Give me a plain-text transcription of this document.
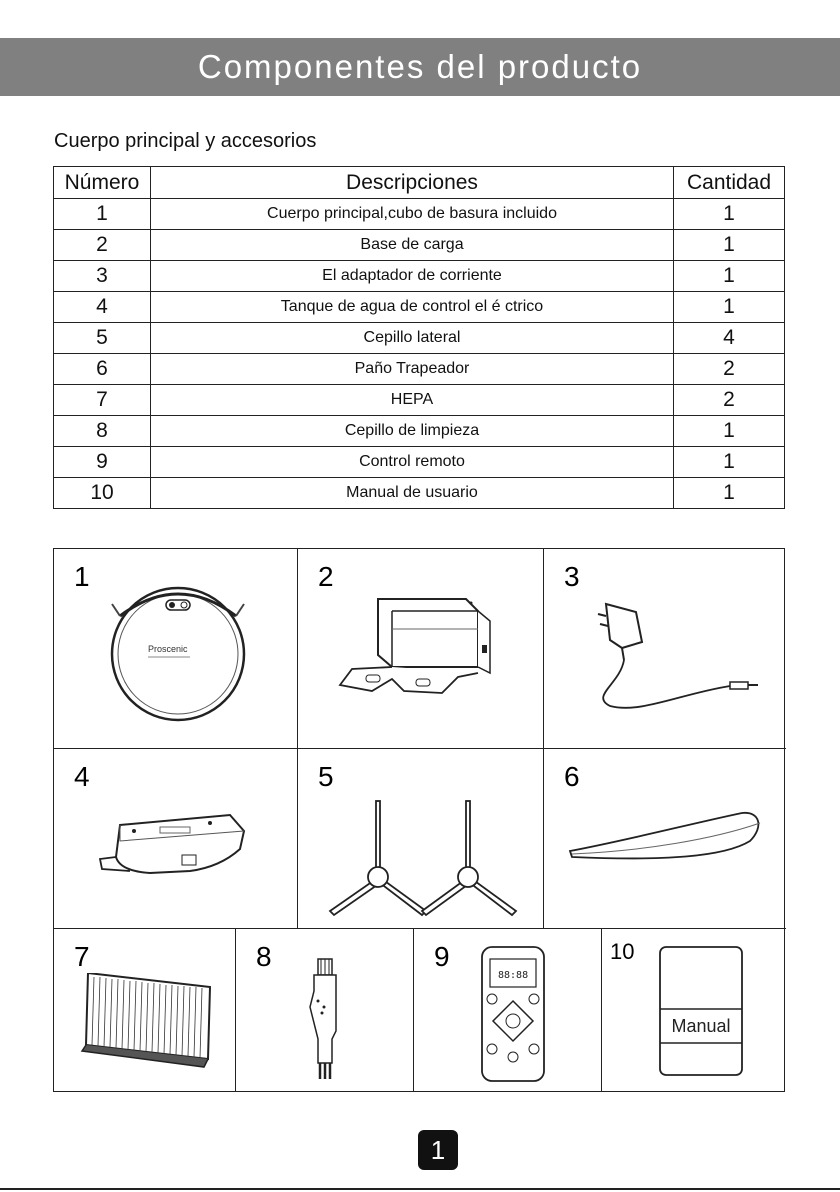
Componentes del producto
Cuerpo principal y accesorios
Número	Descripciones	Cantidad
1	Cuerpo principal,cubo de basura incluido	1
2	Base de carga	1
3	El adaptador de corriente	1
4	Tanque de agua de control el é ctrico	1
5	Cepillo lateral	4
6	Paño Trapeador	2
7	HEPA	2
8	Cepillo de limpieza	1
9	Control remoto	1
10	Manual de usuario	1
1
Proscenic
2	3
4	5	6
7	8	9
88:88
10
Manual
1
